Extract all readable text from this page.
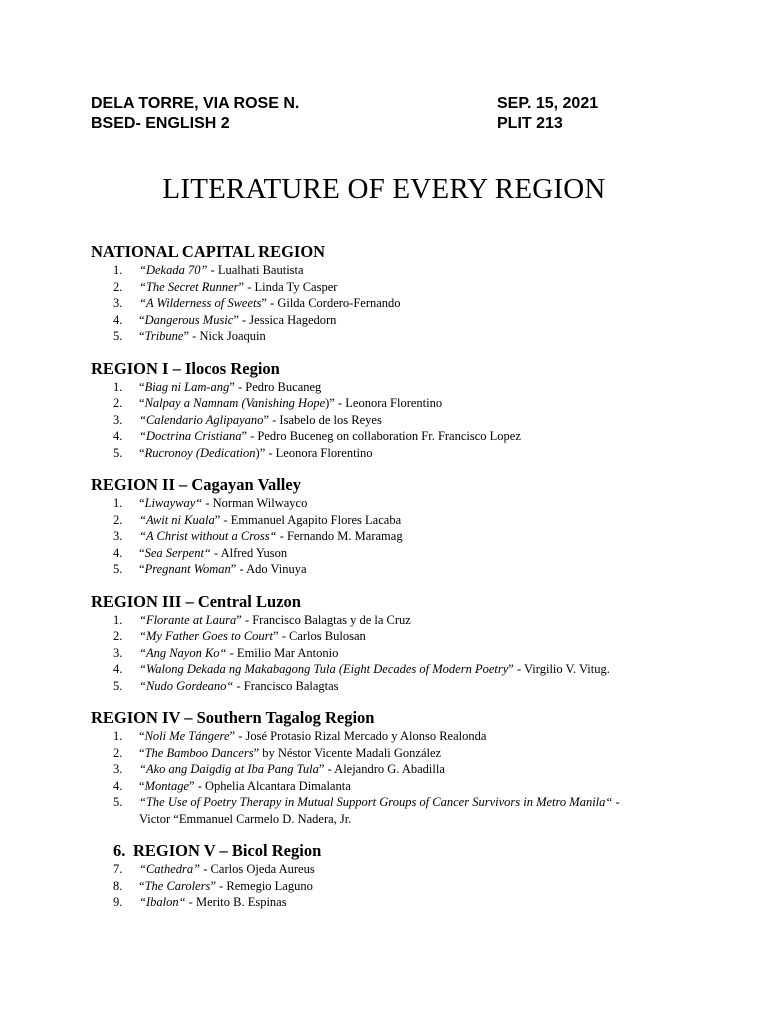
DELA TORRE, VIA ROSE N.
BSED- ENGLISH 2
SEP. 15, 2021
PLIT 213
LITERATURE OF EVERY REGION
NATIONAL CAPITAL REGION
1.	“Dekada 70” - Lualhati Bautista
2.	“The Secret Runner” - Linda Ty Casper
3.	“A Wilderness of Sweets” - Gilda Cordero-Fernando
4.	“Dangerous Music” - Jessica Hagedorn
5.	“Tribune” - Nick Joaquin
REGION I – Ilocos Region
1.	“Biag ni Lam-ang” - Pedro Bucaneg
2.	“Nalpay a Namnam (Vanishing Hope)” - Leonora Florentino
3.	“Calendario Aglipayano” - Isabelo de los Reyes
4.	“Doctrina Cristiana” - Pedro Buceneg on collaboration Fr. Francisco Lopez
5.	“Rucronoy (Dedication)” - Leonora Florentino
REGION II – Cagayan Valley
1.	“Liwayway“ - Norman Wilwayco
2.	“Awit ni Kuala” - Emmanuel Agapito Flores Lacaba
3.	“A Christ without a Cross“ - Fernando M. Maramag
4.	“Sea Serpent“ - Alfred Yuson
5.	“Pregnant Woman” - Ado Vinuya
REGION III – Central Luzon
1.	“Florante at Laura” - Francisco Balagtas y de la Cruz
2.	“My Father Goes to Court” - Carlos Bulosan
3.	“Ang Nayon Ko“ - Emilio Mar Antonio
4.	“Walong Dekada ng Makabagong Tula (Eight Decades of Modern Poetry” - Virgilio V. Vitug.
5.	“Nudo Gordeano“ - Francisco Balagtas
REGION IV – Southern Tagalog Region
1.	“Noli Me Tángere” - José Protasio Rizal Mercado y Alonso Realonda
2.	“The Bamboo Dancers” by Néstor Vicente Madali González
3.	“Ako ang Daigdig at Iba Pang Tula” - Alejandro G. Abadilla
4.	“Montage” - Ophelia Alcantara Dimalanta
5.	“The Use of Poetry Therapy in Mutual Support Groups of Cancer Survivors in Metro Manila“ -
Victor “Emmanuel Carmelo D. Nadera, Jr.
6. REGION V – Bicol Region
7.	“Cathedra” - Carlos Ojeda Aureus
8.	“The Carolers” - Remegio Laguno
9.	“Ibalon“ - Merito B. Espinas
